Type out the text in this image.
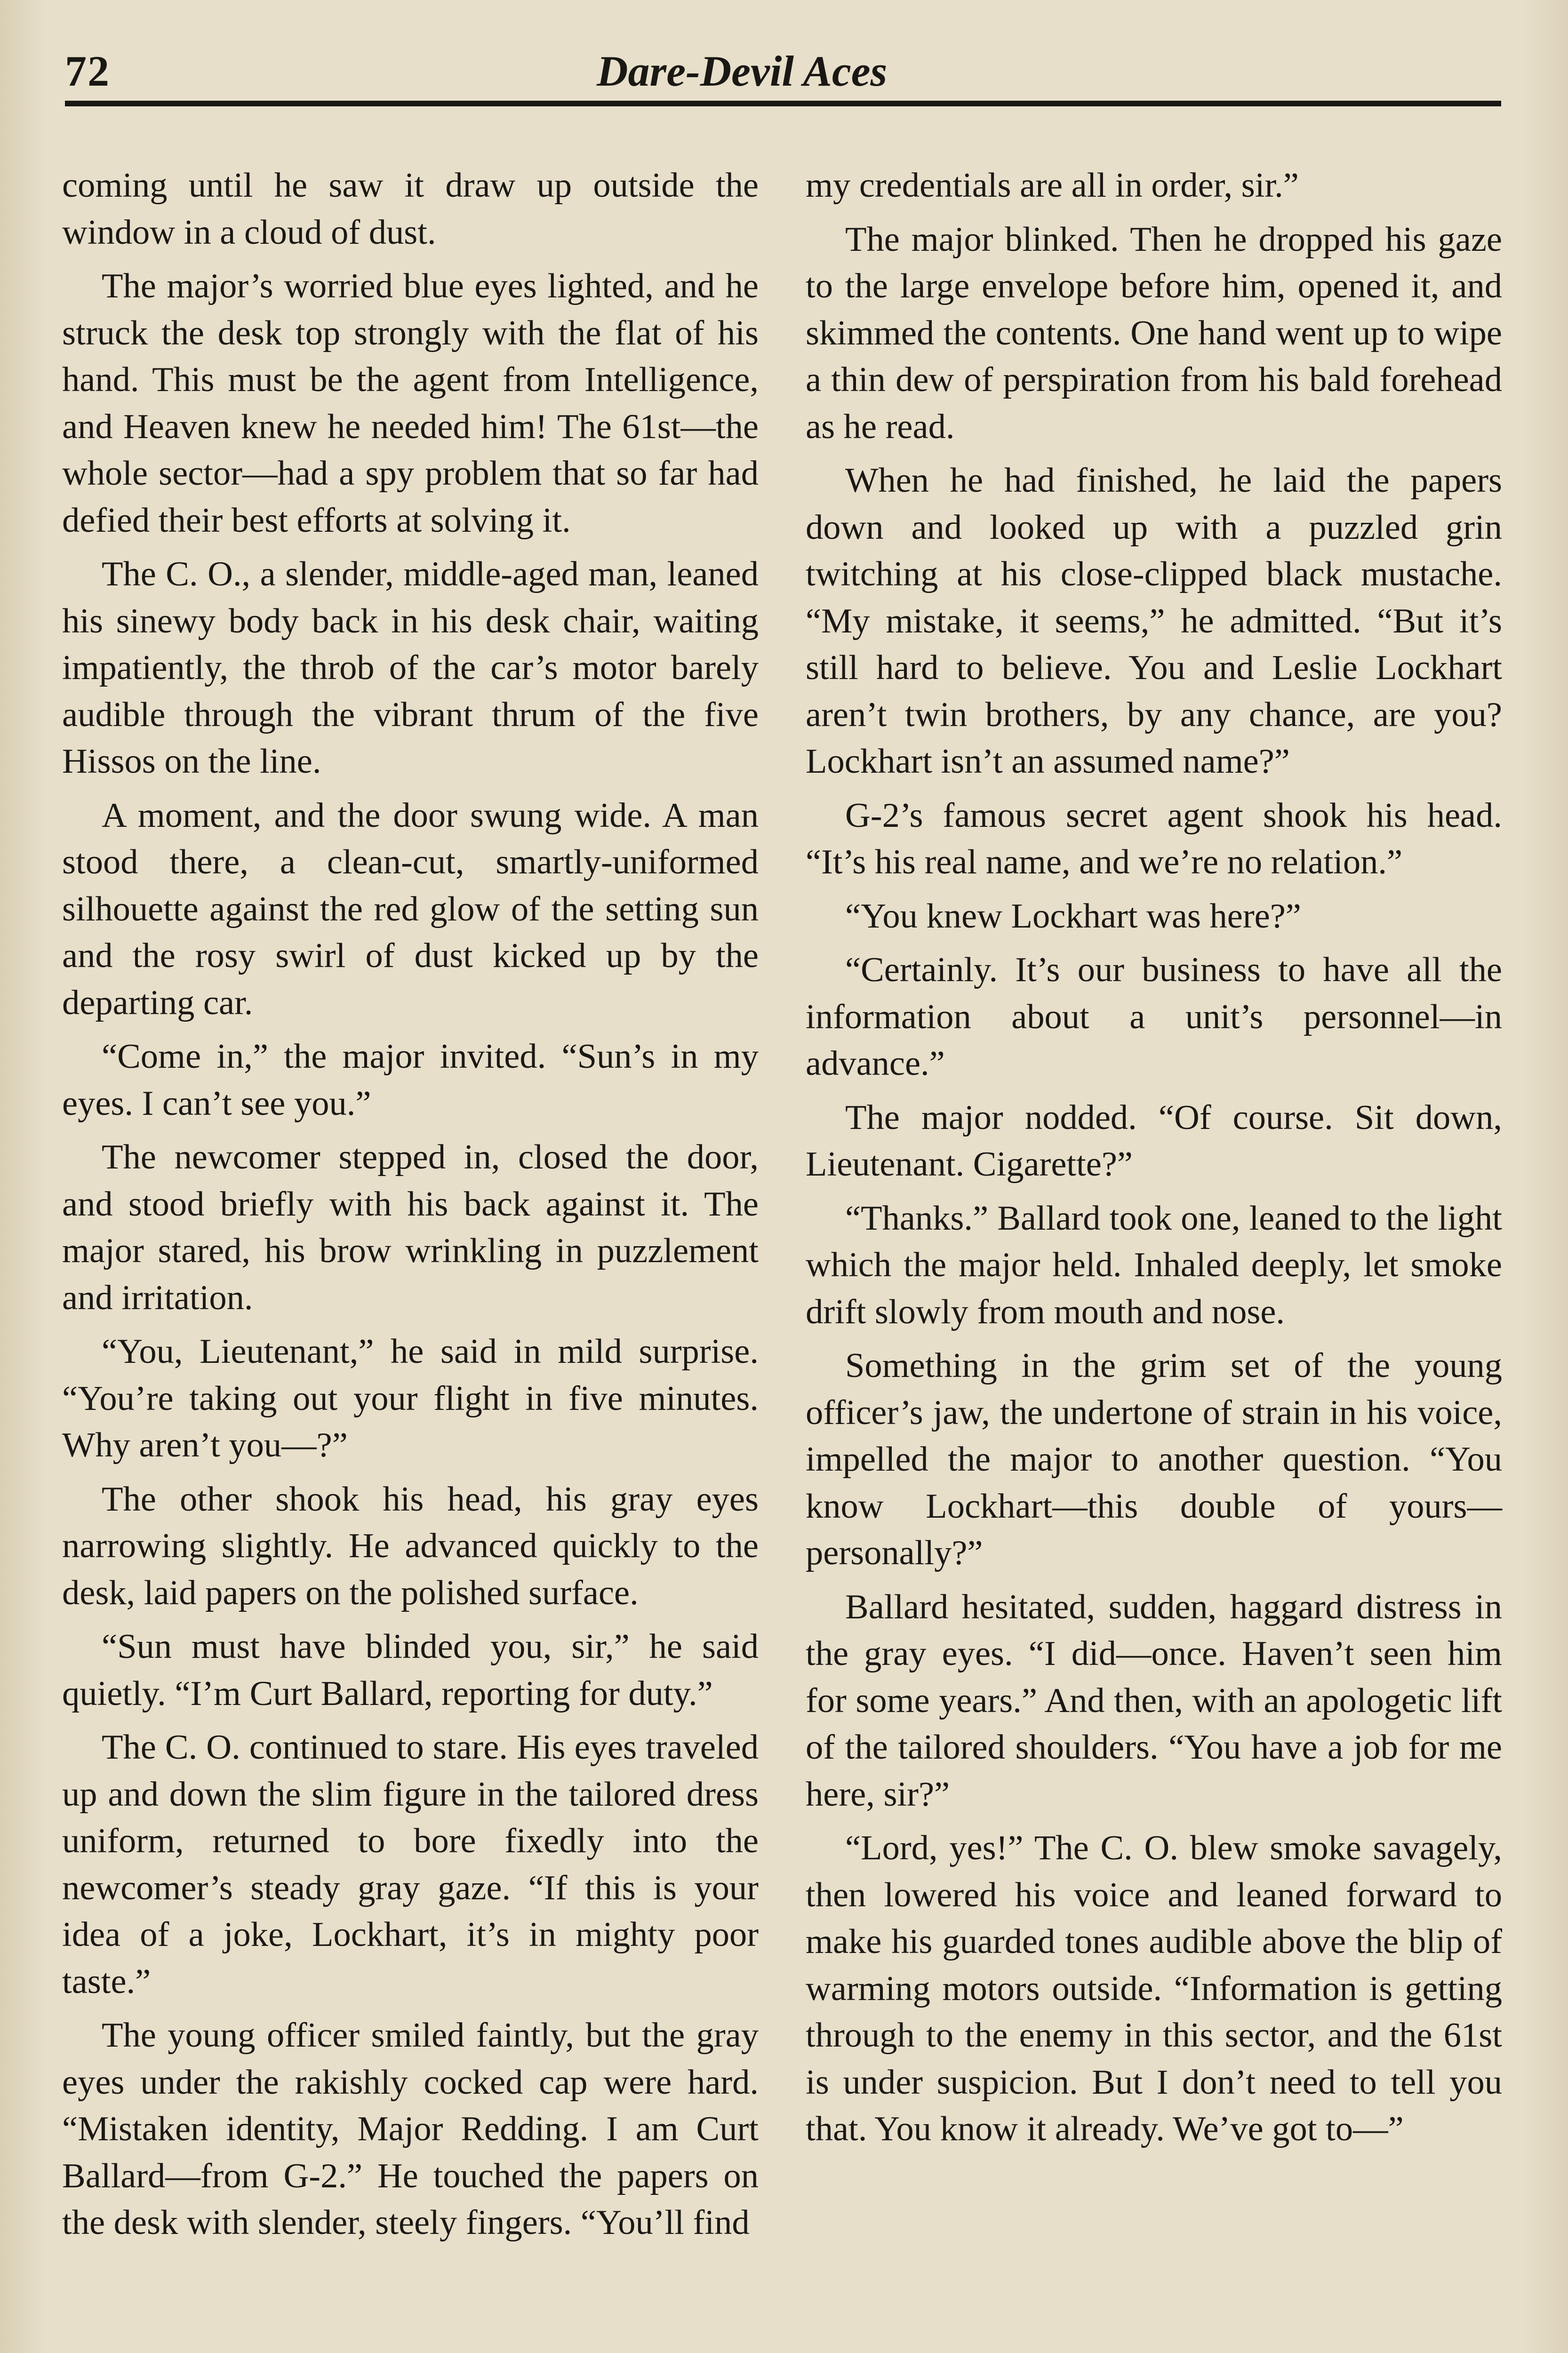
72	Dare-Devil Aces

coming until he saw it draw up outside the window in a cloud of dust.

The major’s worried blue eyes lighted, and he struck the desk top strongly with the flat of his hand. This must be the agent from Intelligence, and Heaven knew he needed him! The 61st—the whole sector—had a spy problem that so far had defied their best efforts at solving it.

The C. O., a slender, middle-aged man, leaned his sinewy body back in his desk chair, waiting impatiently, the throb of the car’s motor barely audible through the vibrant thrum of the five Hissos on the line.

A moment, and the door swung wide. A man stood there, a clean-cut, smartly-uniformed silhouette against the red glow of the setting sun and the rosy swirl of dust kicked up by the departing car.

“Come in,” the major invited. “Sun’s in my eyes. I can’t see you.”

The newcomer stepped in, closed the door, and stood briefly with his back against it. The major stared, his brow wrinkling in puzzlement and irritation.

“You, Lieutenant,” he said in mild surprise. “You’re taking out your flight in five minutes. Why aren’t you—?”

The other shook his head, his gray eyes narrowing slightly. He advanced quickly to the desk, laid papers on the polished surface.

“Sun must have blinded you, sir,” he said quietly. “I’m Curt Ballard, reporting for duty.”

The C. O. continued to stare. His eyes traveled up and down the slim figure in the tailored dress uniform, returned to bore fixedly into the newcomer’s steady gray gaze. “If this is your idea of a joke, Lockhart, it’s in mighty poor taste.”

The young officer smiled faintly, but the gray eyes under the rakishly cocked cap were hard. “Mistaken identity, Major Redding. I am Curt Ballard—from G-2.” He touched the papers on the desk with slender, steely fingers. “You’ll find

my credentials are all in order, sir.”

The major blinked. Then he dropped his gaze to the large envelope before him, opened it, and skimmed the contents. One hand went up to wipe a thin dew of perspiration from his bald forehead as he read.

When he had finished, he laid the papers down and looked up with a puzzled grin twitching at his close-clipped black mustache. “My mistake, it seems,” he admitted. “But it’s still hard to believe. You and Leslie Lockhart aren’t twin brothers, by any chance, are you? Lockhart isn’t an assumed name?”

G-2’s famous secret agent shook his head. “It’s his real name, and we’re no relation.”

“You knew Lockhart was here?”

“Certainly. It’s our business to have all the information about a unit’s personnel—in advance.”

The major nodded. “Of course. Sit down, Lieutenant. Cigarette?”

“Thanks.” Ballard took one, leaned to the light which the major held. Inhaled deeply, let smoke drift slowly from mouth and nose.

Something in the grim set of the young officer’s jaw, the undertone of strain in his voice, impelled the major to another question. “You know Lockhart—this double of yours—personally?”

Ballard hesitated, sudden, haggard distress in the gray eyes. “I did—once. Haven’t seen him for some years.” And then, with an apologetic lift of the tailored shoulders. “You have a job for me here, sir?”

“Lord, yes!” The C. O. blew smoke savagely, then lowered his voice and leaned forward to make his guarded tones audible above the blip of warming motors outside. “Information is getting through to the enemy in this sector, and the 61st is under suspicion. But I don’t need to tell you that. You know it already. We’ve got to—”
